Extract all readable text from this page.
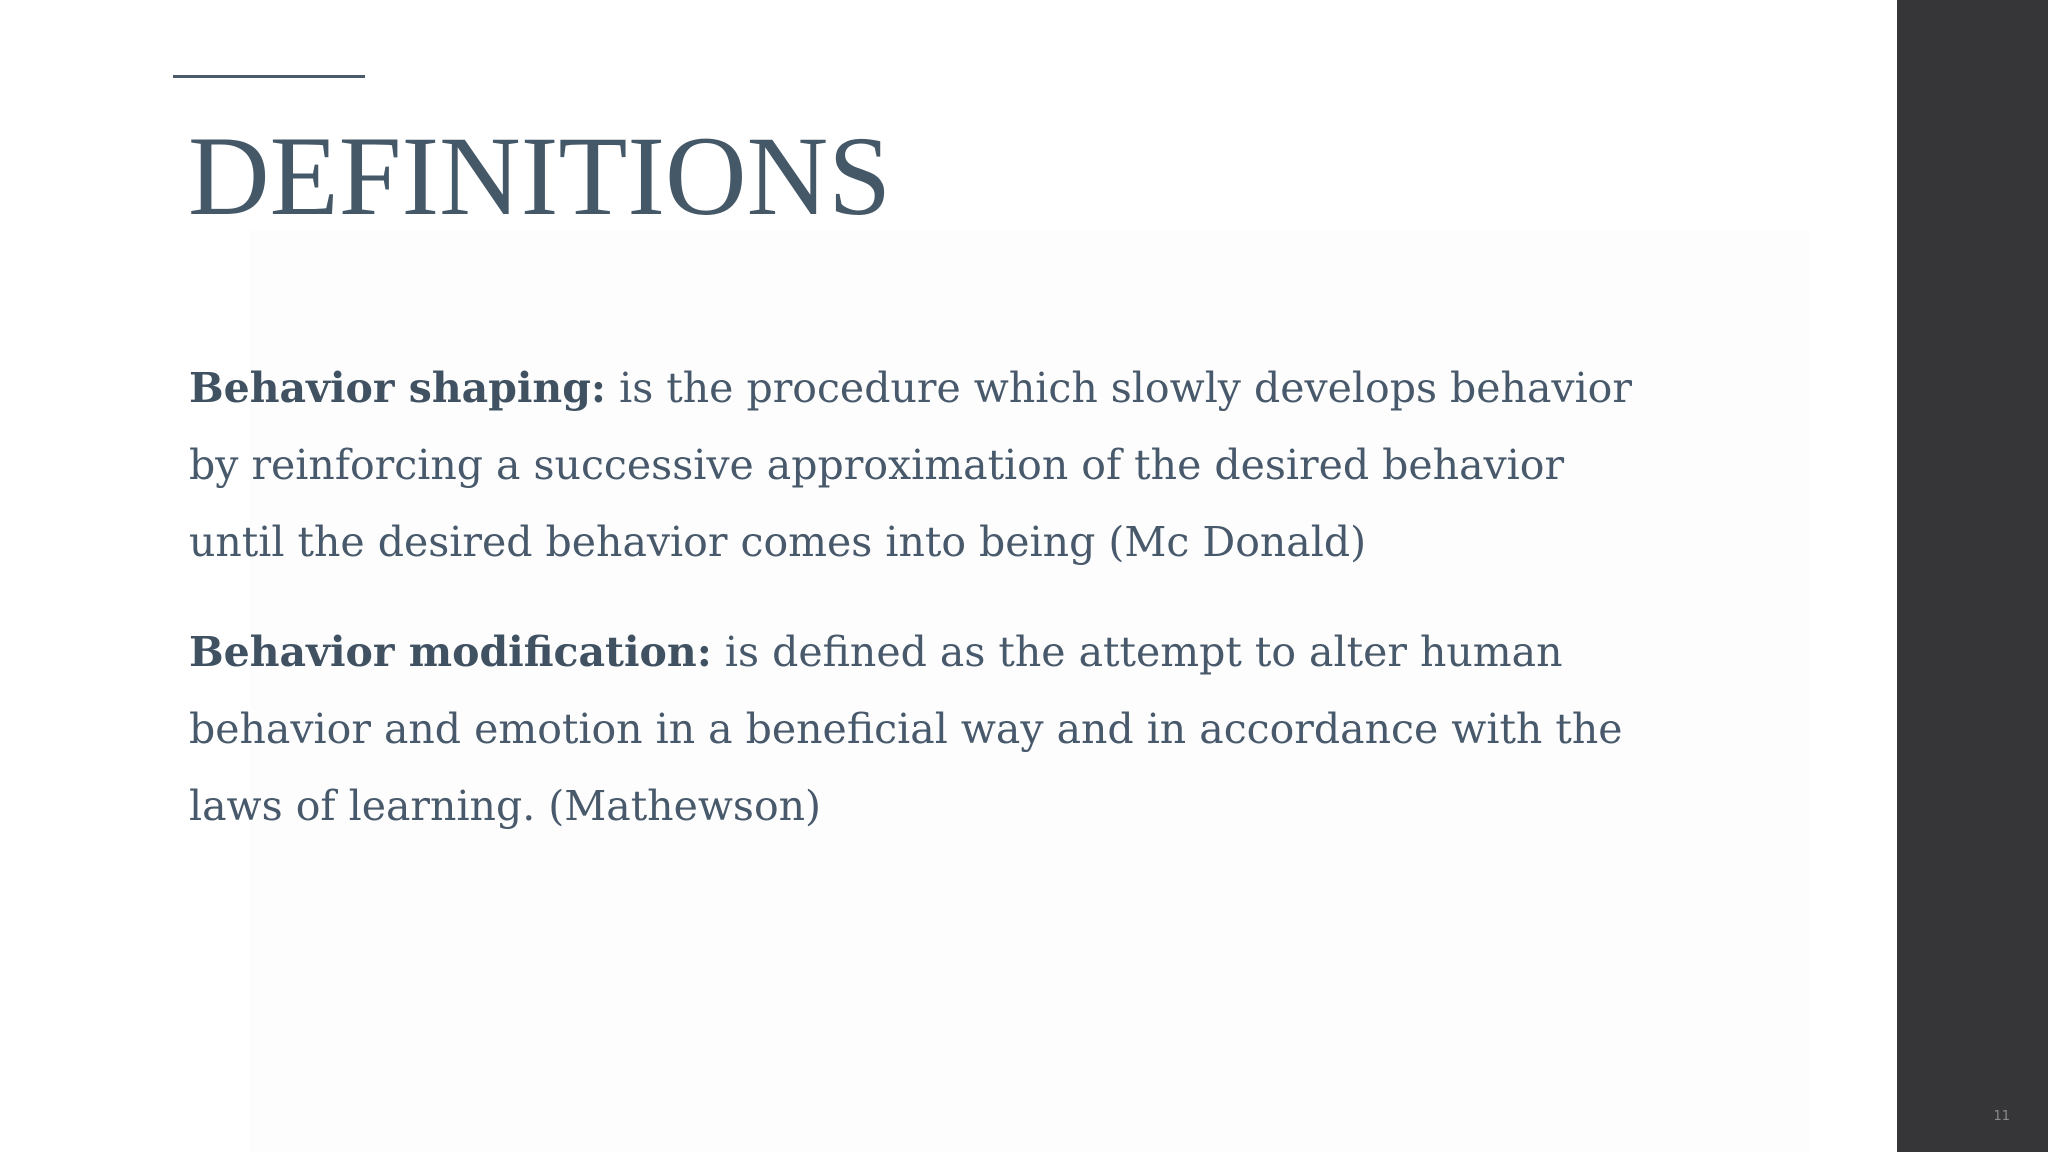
DEFINITIONS

Behavior shaping: is the procedure which slowly develops behavior
by reinforcing a successive approximation of the desired behavior
until the desired behavior comes into being (Mc Donald)

Behavior modification: is defined as the attempt to alter human
behavior and emotion in a beneficial way and in accordance with the
laws of learning. (Mathewson)

11
